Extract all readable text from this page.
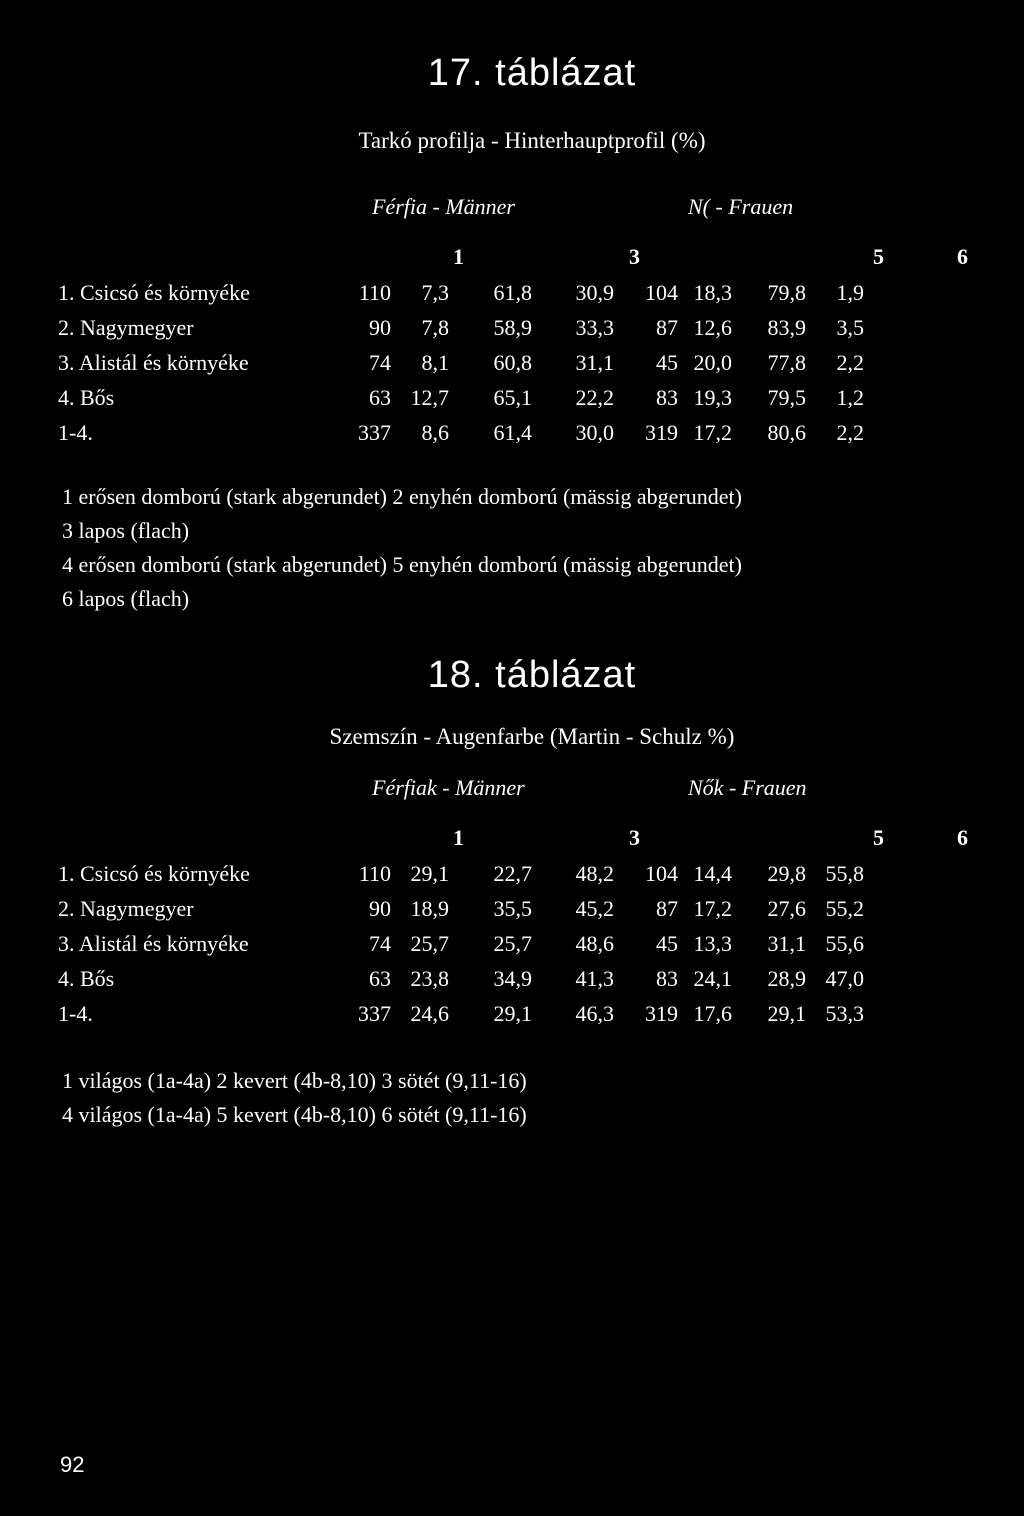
17. táblázat
Tarkó profilja - Hinterhauptprofil (%)
Férfia - Männer	N( - Frauen
1	3	5	6
1. Csicsó és környéke	110	7,3	61,8	30,9	104	18,3	79,8	1,9
2. Nagymegyer	90	7,8	58,9	33,3	87	12,6	83,9	3,5
3. Alistál és környéke	74	8,1	60,8	31,1	45	20,0	77,8	2,2
4. Bős	63	12,7	65,1	22,2	83	19,3	79,5	1,2
1-4.	337	8,6	61,4	30,0	319	17,2	80,6	2,2
1 erősen domború (stark abgerundet) 2 enyhén domború (mässig abgerundet)
3 lapos (flach)
4 erősen domború (stark abgerundet) 5 enyhén domború (mässig abgerundet)
6 lapos (flach)
18. táblázat
Szemszín - Augenfarbe (Martin - Schulz %)
Férfiak - Männer	Nők - Frauen
1	3	5	6
1. Csicsó és környéke	110	29,1	22,7	48,2	104	14,4	29,8	55,8
2. Nagymegyer	90	18,9	35,5	45,2	87	17,2	27,6	55,2
3. Alistál és környéke	74	25,7	25,7	48,6	45	13,3	31,1	55,6
4. Bős	63	23,8	34,9	41,3	83	24,1	28,9	47,0
1-4.	337	24,6	29,1	46,3	319	17,6	29,1	53,3
1 világos (1a-4a) 2 kevert (4b-8,10) 3 sötét (9,11-16)
4 világos (1a-4a) 5 kevert (4b-8,10) 6 sötét (9,11-16)
92
